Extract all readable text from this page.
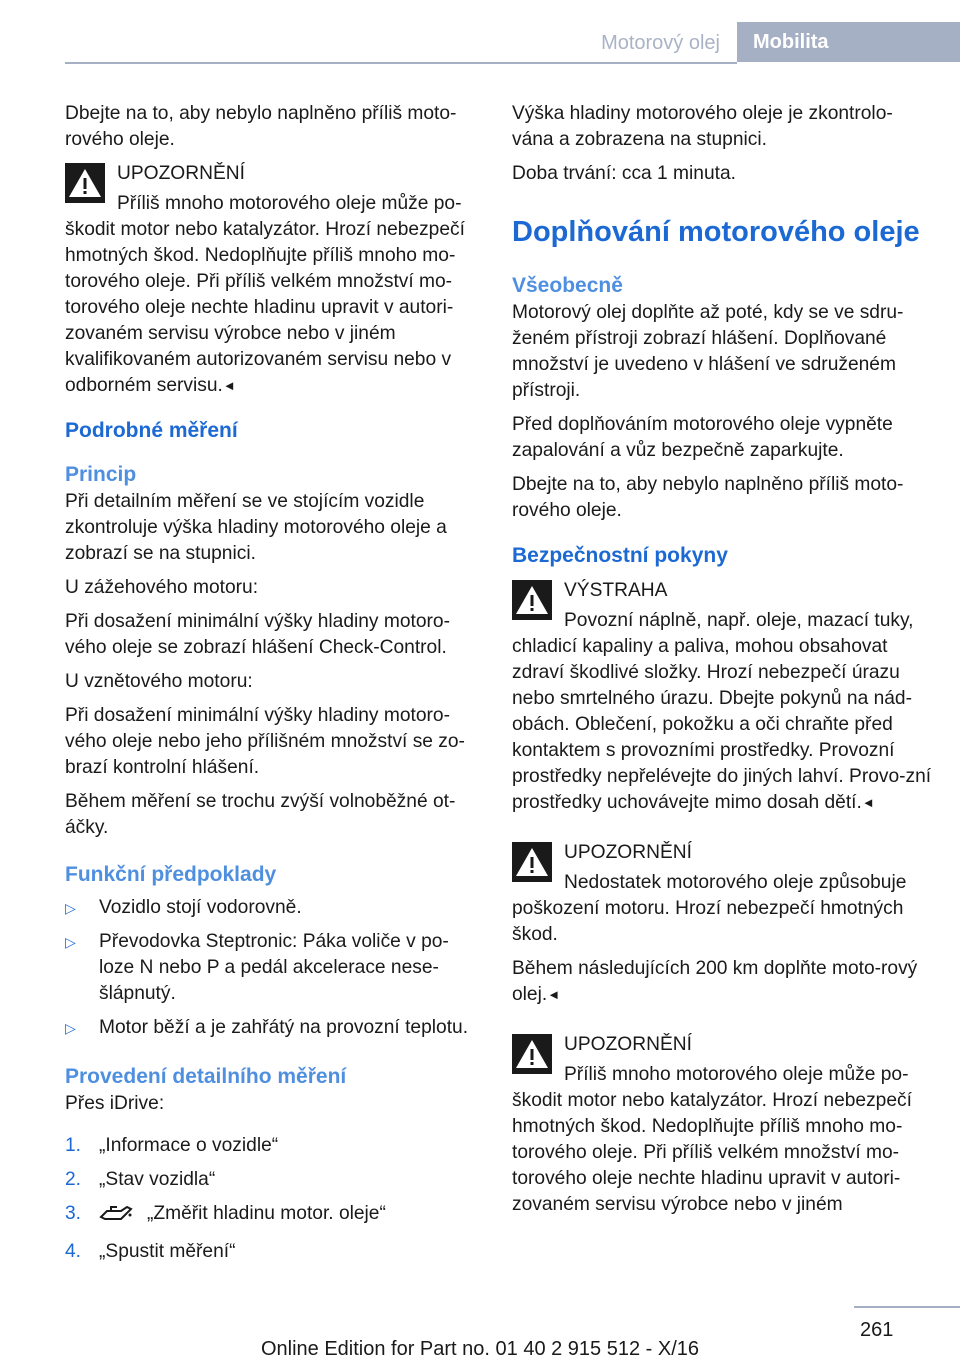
Motorový olej	Mobilita

Dbejte na to, aby nebylo naplněno příliš moto‐rového oleje.

UPOZORNĚNÍ

Příliš mnoho motorového oleje může po‐škodit motor nebo katalyzátor. Hrozí nebezpečí hmotných škod. Nedoplňujte příliš mnoho mo‐torového oleje. Při příliš velkém množství mo‐torového oleje nechte hladinu upravit v autori‐zovaném servisu výrobce nebo v jiném kvalifikovaném autorizovaném servisu nebo v odborném servisu.◄

Podrobné měření
Princip

Při detailním měření se ve stojícím vozidle zkontroluje výška hladiny motorového oleje a zobrazí se na stupnici.

U zážehového motoru:

Při dosažení minimální výšky hladiny motoro‐vého oleje se zobrazí hlášení Check-Control.

U vznětového motoru:

Při dosažení minimální výšky hladiny motoro‐vého oleje nebo jeho přílišném množství se zo‐brazí kontrolní hlášení.

Během měření se trochu zvýší volnoběžné ot‐áčky.

Funkční předpoklady
▷ Vozidlo stojí vodorovně.
▷ Převodovka Steptronic: Páka voliče v po‐loze N nebo P a pedál akcelerace nese‐šlápnutý.
▷ Motor běží a je zahřátý na provozní teplotu.
Provedení detailního měření

Přes iDrive:

1. „Informace o vozidle“
2. „Stav vozidla“
3.	„Změřit hladinu motor. oleje“
4. „Spustit měření“

Výška hladiny motorového oleje je zkontrolo‐vána a zobrazena na stupnici.

Doba trvání: cca 1 minuta.

Doplňování motorového oleje
Všeobecně

Motorový olej doplňte až poté, kdy se ve sdru‐ženém přístroji zobrazí hlášení. Doplňované množství je uvedeno v hlášení ve sdruženém přístroji.

Před doplňováním motorového oleje vypněte zapalování a vůz bezpečně zaparkujte.

Dbejte na to, aby nebylo naplněno příliš moto‐rového oleje.

Bezpečnostní pokyny
VÝSTRAHA

Povozní náplně, např. oleje, mazací tuky, chladicí kapaliny a paliva, mohou obsahovat zdraví škodlivé složky. Hrozí nebezpečí úrazu nebo smrtelného úrazu. Dbejte pokynů na nád‐obách. Oblečení, pokožku a oči chraňte před kontaktem s provozními prostředky. Provozní prostředky nepřelévejte do jiných lahví. Provo‐zní prostředky uchovávejte mimo dosah dětí.◄

UPOZORNĚNÍ

Nedostatek motorového oleje způsobuje poškození motoru. Hrozí nebezpečí hmotných škod.

Během následujících 200 km doplňte moto‐rový olej.◄

UPOZORNĚNÍ

Příliš mnoho motorového oleje může po‐škodit motor nebo katalyzátor. Hrozí nebezpečí hmotných škod. Nedoplňujte příliš mnoho mo‐torového oleje. Při příliš velkém množství mo‐torového oleje nechte hladinu upravit v autori‐zovaném servisu výrobce nebo v jiném

261
Online Edition for Part no. 01 40 2 915 512 - X/16
